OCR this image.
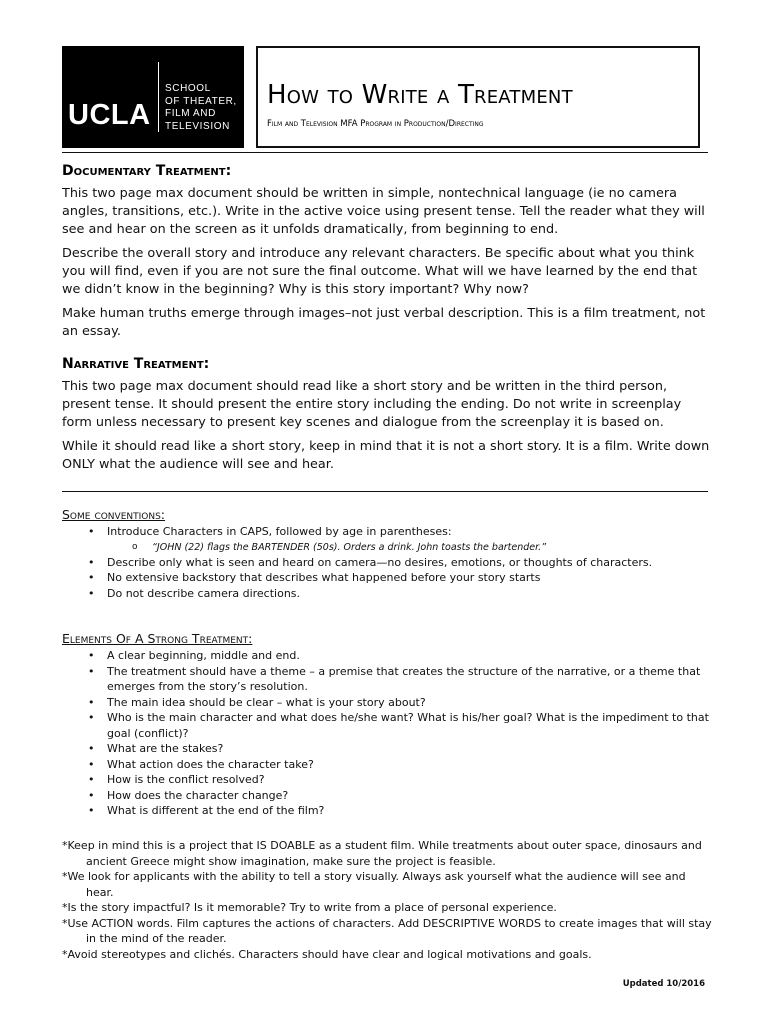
UCLA
SCHOOL
OF THEATER,
FILM AND
TELEVISION
How to Write a Treatment
Film and Television MFA Program in Production/Directing
Documentary Treatment:

This two page max document should be written in simple, nontechnical language (ie no camera angles, transitions, etc.). Write in the active voice using present tense. Tell the reader what they will see and hear on the screen as it unfolds dramatically, from beginning to end.

Describe the overall story and introduce any relevant characters. Be specific about what you think you will find, even if you are not sure the final outcome. What will we have learned by the end that we didn’t know in the beginning? Why is this story important? Why now?

Make human truths emerge through images–not just verbal description. This is a film treatment, not an essay.

Narrative Treatment:

This two page max document should read like a short story and be written in the third person, present tense. It should present the entire story including the ending. Do not write in screenplay form unless necessary to present key scenes and dialogue from the screenplay it is based on.

While it should read like a short story, keep in mind that it is not a short story. It is a film. Write down ONLY what the audience will see and hear.

Some conventions:
• Introduce Characters in CAPS, followed by age in parentheses:
o “JOHN (22) flags the BARTENDER (50s). Orders a drink. John toasts the bartender.”
• Describe only what is seen and heard on camera—no desires, emotions, or thoughts of characters.
• No extensive backstory that describes what happened before your story starts
• Do not describe camera directions.
Elements Of A Strong Treatment:
• A clear beginning, middle and end.
• The treatment should have a theme – a premise that creates the structure of the narrative, or a theme that emerges from the story’s resolution.
• The main idea should be clear – what is your story about?
• Who is the main character and what does he/she want? What is his/her goal? What is the impediment to that goal (conflict)?
• What are the stakes?
• What action does the character take?
• How is the conflict resolved?
• How does the character change?
• What is different at the end of the film?
*Keep in mind this is a project that IS DOABLE as a student film. While treatments about outer space, dinosaurs and ancient Greece might show imagination, make sure the project is feasible.
*We look for applicants with the ability to tell a story visually. Always ask yourself what the audience will see and hear.
*Is the story impactful? Is it memorable? Try to write from a place of personal experience.
*Use ACTION words. Film captures the actions of characters. Add DESCRIPTIVE WORDS to create images that will stay in the mind of the reader.
*Avoid stereotypes and clichés. Characters should have clear and logical motivations and goals.
Updated 10/2016
